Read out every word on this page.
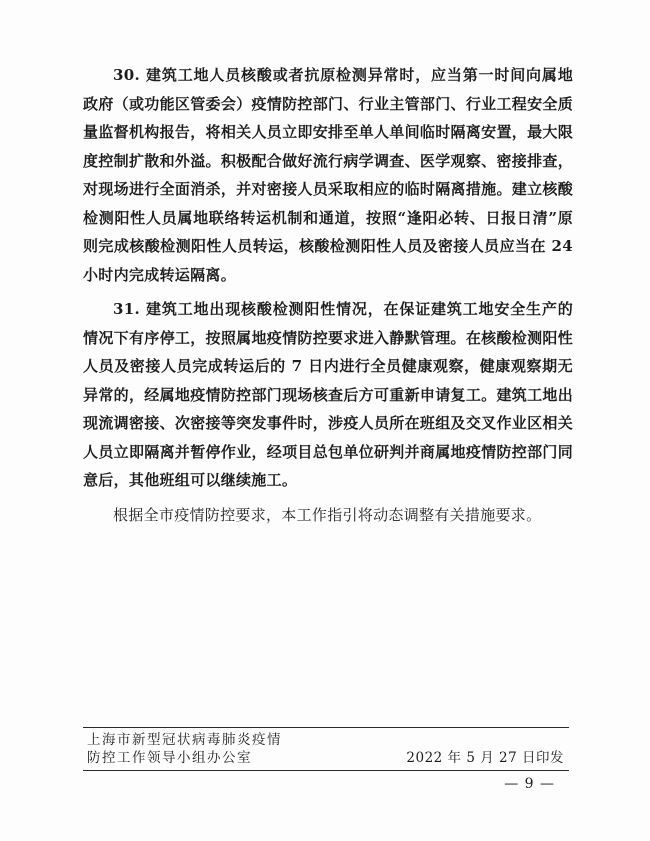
30. 建筑工地人员核酸或者抗原检测异常时，应当第一时间向属地政府（或功能区管委会）疫情防控部门、行业主管部门、行业工程安全质量监督机构报告，将相关人员立即安排至单人单间临时隔离安置，最大限度控制扩散和外溢。积极配合做好流行病学调查、医学观察、密接排查，对现场进行全面消杀，并对密接人员采取相应的临时隔离措施。建立核酸检测阳性人员属地联络转运机制和通道，按照“逢阳必转、日报日清”原则完成核酸检测阳性人员转运，核酸检测阳性人员及密接人员应当在 24 小时内完成转运隔离。

31. 建筑工地出现核酸检测阳性情况，在保证建筑工地安全生产的情况下有序停工，按照属地疫情防控要求进入静默管理。在核酸检测阳性人员及密接人员完成转运后的 7 日内进行全员健康观察，健康观察期无异常的，经属地疫情防控部门现场核查后方可重新申请复工。建筑工地出现流调密接、次密接等突发事件时，涉疫人员所在班组及交叉作业区相关人员立即隔离并暂停作业，经项目总包单位研判并商属地疫情防控部门同意后，其他班组可以继续施工。

根据全市疫情防控要求，本工作指引将动态调整有关措施要求。

上海市新型冠状病毒肺炎疫情
防控工作领导小组办公室	2022 年 5 月 27 日印发
— 9 —
